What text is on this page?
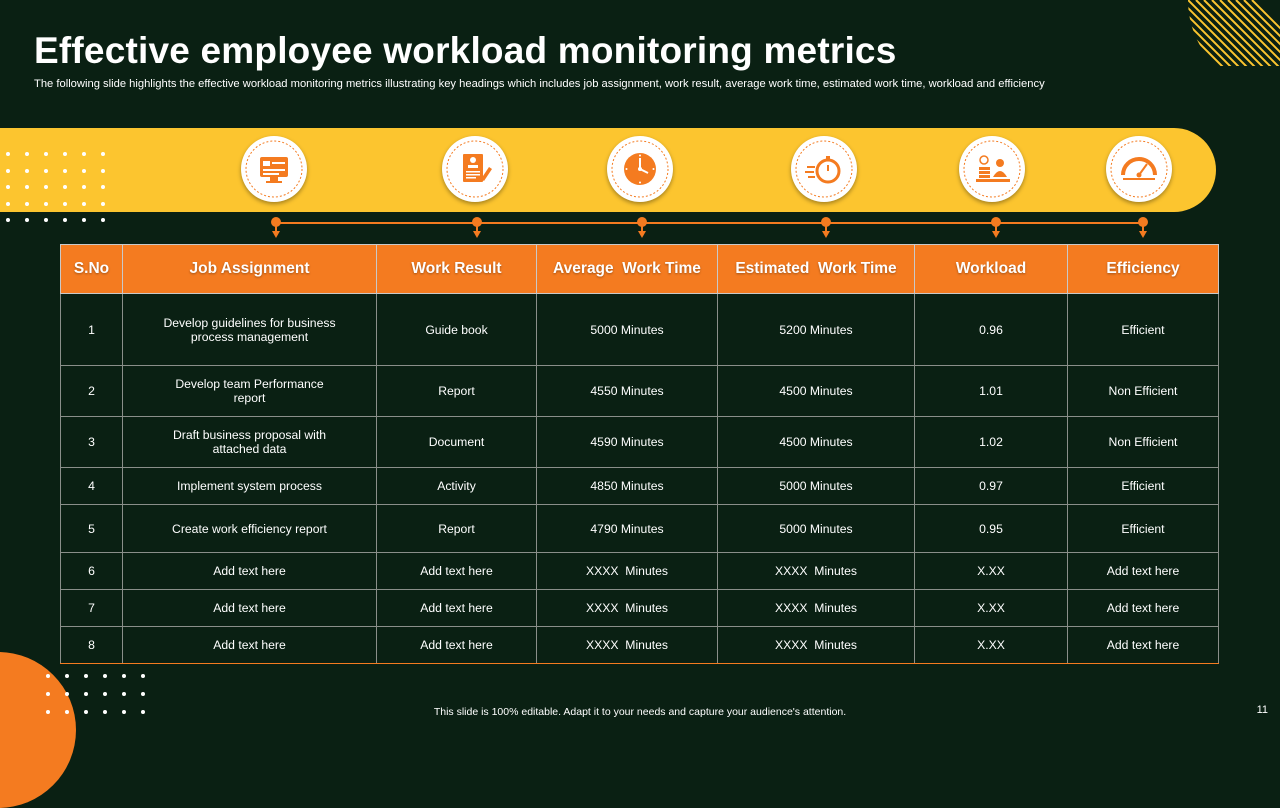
Effective employee workload monitoring metrics
The following slide highlights the effective workload monitoring metrics illustrating key headings which includes job assignment, work result, average work time, estimated work time, workload and efficiency
S.No	Job Assignment	Work Result	Average  Work Time	Estimated  Work Time	Workload	Efficiency
1	Develop guidelines for business process management	Guide book	5000 Minutes	5200 Minutes	0.96	Efficient
2	Develop team Performance report	Report	4550 Minutes	4500 Minutes	1.01	Non Efficient
3	Draft business proposal with attached data	Document	4590 Minutes	4500 Minutes	1.02	Non Efficient
4	Implement system process	Activity	4850 Minutes	5000 Minutes	0.97	Efficient
5	Create work efficiency report	Report	4790 Minutes	5000 Minutes	0.95	Efficient
6	Add text here	Add text here	XXXX  Minutes	XXXX  Minutes	X.XX	Add text here
7	Add text here	Add text here	XXXX  Minutes	XXXX  Minutes	X.XX	Add text here
8	Add text here	Add text here	XXXX  Minutes	XXXX  Minutes	X.XX	Add text here
This slide is 100% editable. Adapt it to your needs and capture your audience's attention.	11
